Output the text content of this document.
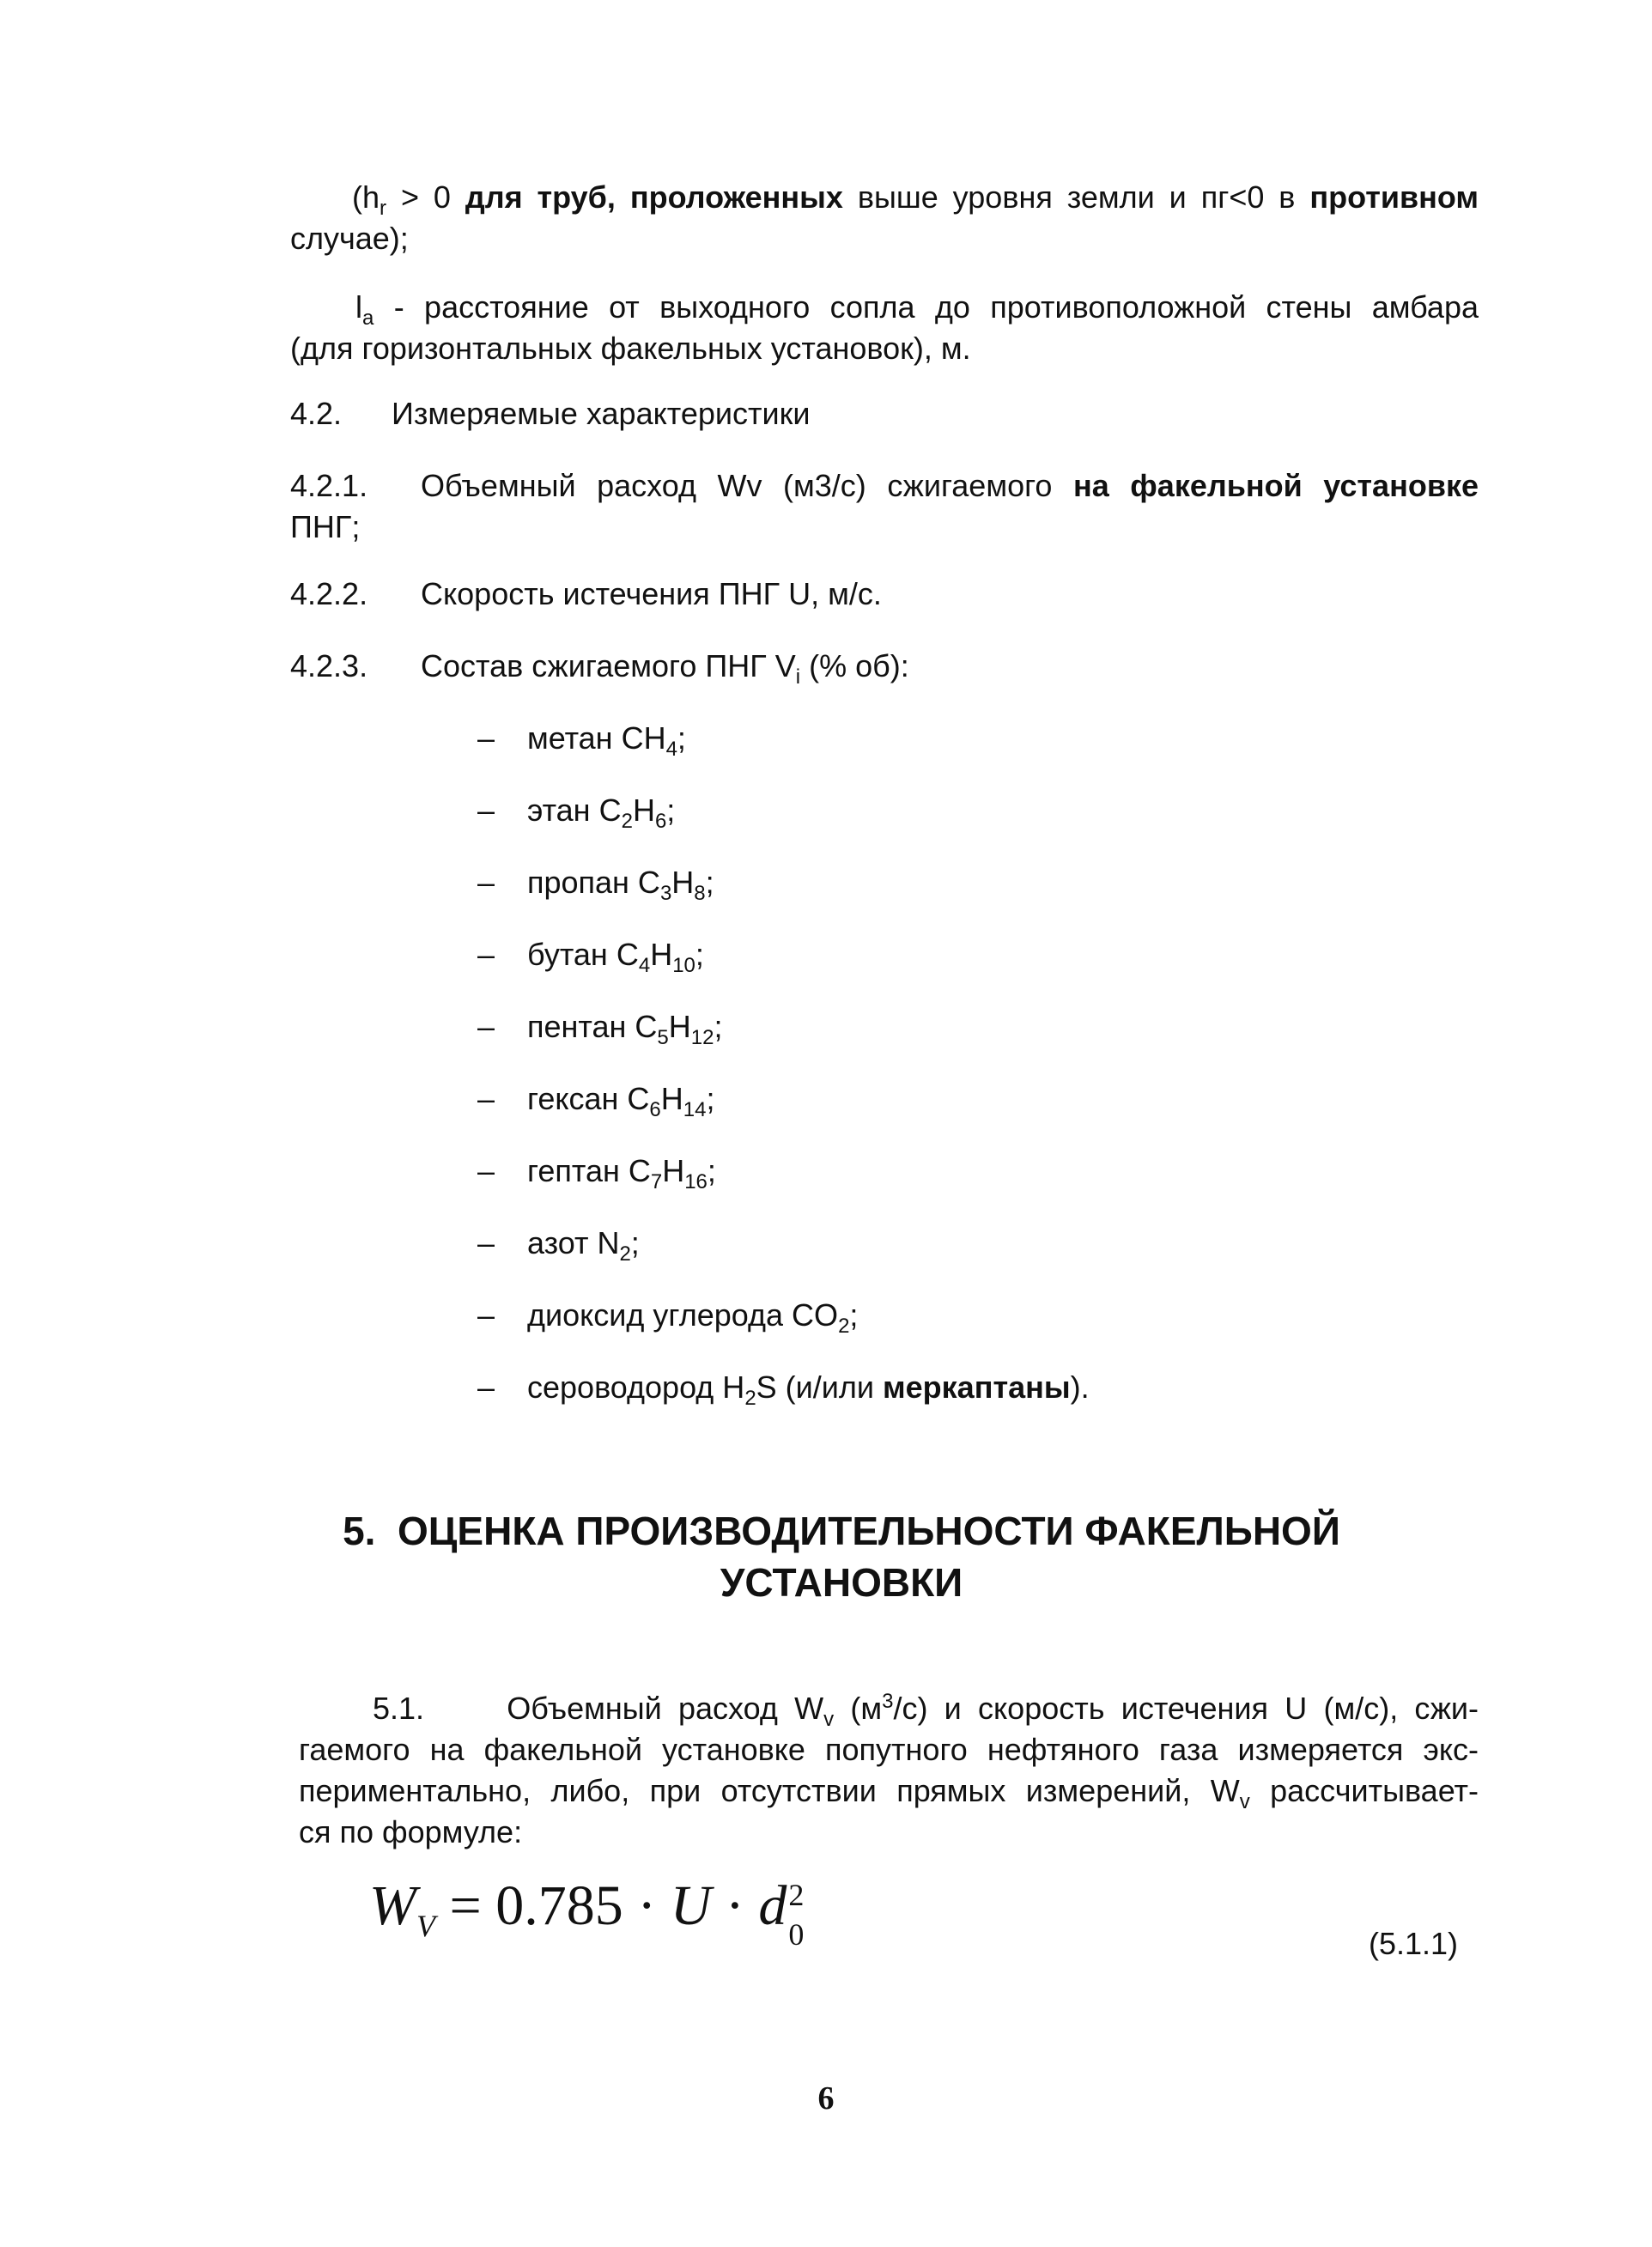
($h_r > 0$ для труб, проложенных выше уровня земли и пг<0 в противном
случае);
$l_a$ - расстояние от выходного сопла до противоположной стены амбара
(для гори​зонтальных факельных установок), м.
4.2. Измеряемые характеристики
4.2.1. Объемный расход Wv (м3/с) сжигаемого на факельной установке
ПНГ;
4.2.2. Скорость истечения ПНГ U, м/с.
4.2.3. Состав сжигаемого ПНГ $V_i$ (% об):
– метан $CH_4$;
– этан $C_2H_6$;
– пропан $C_3H_8$;
– бутан $C_4H_{10}$;
– пентан $C_5H_{12}$;
– гексан $C_6H_{14}$;
– гептан $C_7H_{16}$;
– азот $N_2$;
– диоксид углерода $CO_2$;
– сероводород $H_2S$ (и/или меркаптаны).
5. ОЦЕНКА ПРОИЗВОДИТЕЛЬНОСТИ ФАКЕЛЬНОЙ
УСТАНОВКИ
5.1.	Объемный расход $W_v$ $(м^3/с)$ и скорость истечения U (м/с), сжи-
гаемого на факельной установке попутного нефтяного газа измеряется экс-
периментально, либо, при отсутствии прямых измерений, $W_v$ рассчитывает-
ся по формуле:
$W_V = 0.785 \cdot U \cdot d$ 2
0	(5.1.1)
6
